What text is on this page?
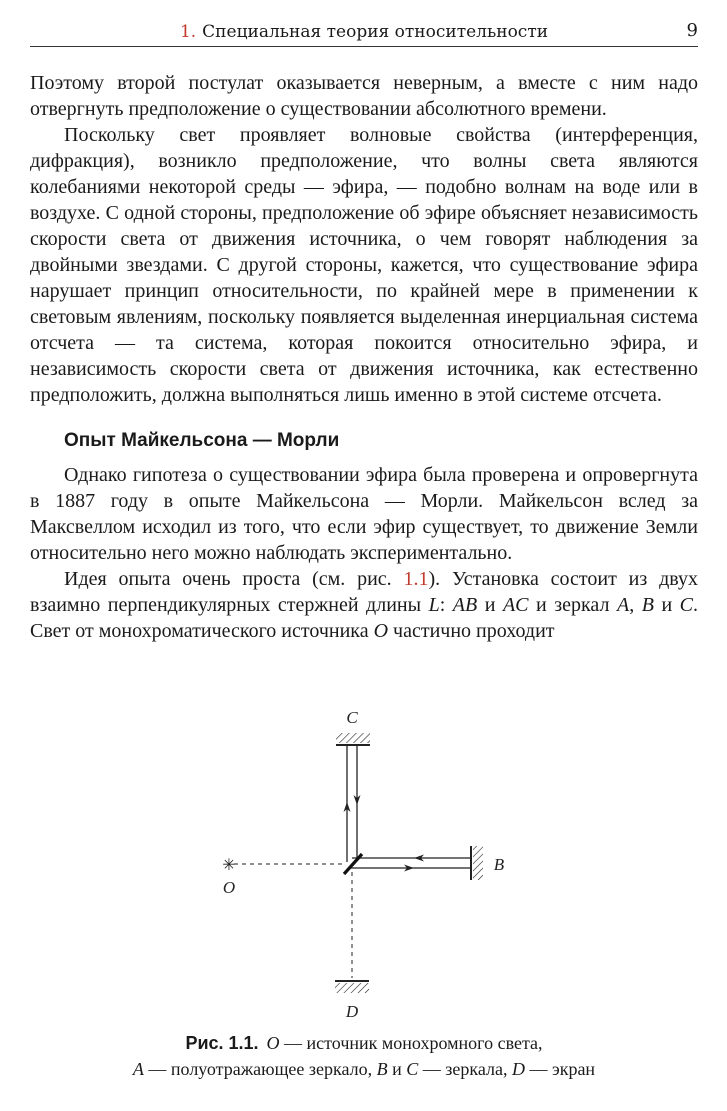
1. Специальная теория относительности	9

Поэтому второй постулат оказывается неверным, а вместе с ним надо отвергнуть предположение о существовании абсолютного времени.

Поскольку свет проявляет волновые свойства (интерференция, дифракция), возникло предположение, что волны света являются колебаниями некоторой среды — эфира, — подобно волнам на воде или в воздухе. С одной стороны, предположение об эфире объясняет независимость скорости света от движения источника, о чем говорят наблюдения за двойными звездами. С другой стороны, кажется, что существование эфира нарушает принцип относительности, по крайней мере в применении к световым явлениям, поскольку появляется выделенная инерциальная система отсчета — та система, которая покоится относительно эфира, и независимость скорости света от движения источника, как естественно предположить, должна выполняться лишь именно в этой системе отсчета.

Опыт Майкельсона — Морли

Однако гипотеза о существовании эфира была проверена и опровергнута в 1887 году в опыте Майкельсона — Морли. Майкельсон вслед за Максвеллом исходил из того, что если эфир существует, то движение Земли относительно него можно наблюдать экспериментально.

Идея опыта очень проста (см. рис. 1.1). Установка состоит из двух взаимно перпендикулярных стержней длины L: AB и AC и зеркал A, B и C. Свет от монохроматического источника O частично проходит

✳
C
B
O
D
Рис. 1.1. O — источник монохромного света,
A — полуотражающее зеркало, B и C — зеркала, D — экран
